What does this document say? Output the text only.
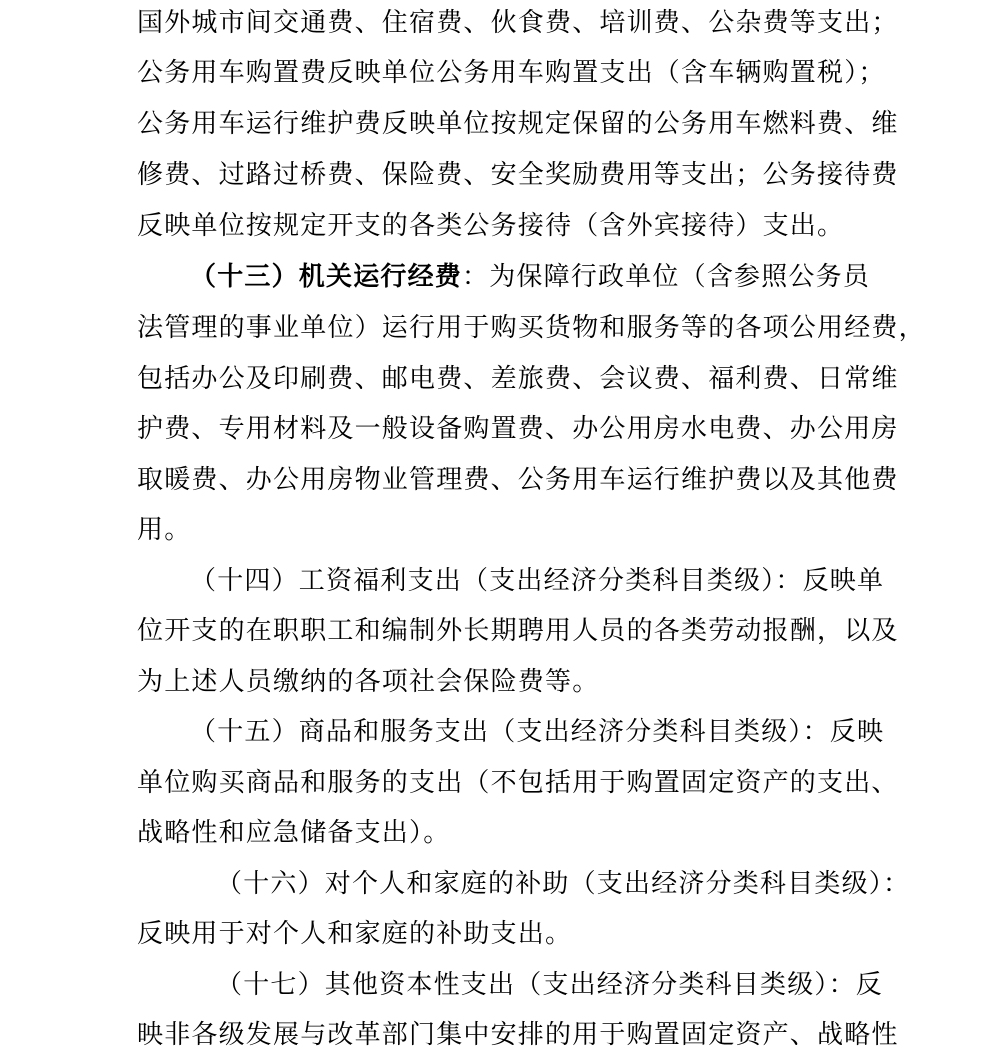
国外城市间交通费、住宿费、伙食费、培训费、公杂费等支出；
公务用车购置费反映单位公务用车购置支出（含车辆购置税）；
公务用车运行维护费反映单位按规定保留的公务用车燃料费、维
修费、过路过桥费、保险费、安全奖励费用等支出；公务接待费
反映单位按规定开支的各类公务接待（含外宾接待）支出。
（十三）机关运行经费：为保障行政单位（含参照公务员
法管理的事业单位）运行用于购买货物和服务等的各项公用经费，
包括办公及印刷费、邮电费、差旅费、会议费、福利费、日常维
护费、专用材料及一般设备购置费、办公用房水电费、办公用房
取暖费、办公用房物业管理费、公务用车运行维护费以及其他费
用。
（十四）工资福利支出（支出经济分类科目类级）：反映单
位开支的在职职工和编制外长期聘用人员的各类劳动报酬，以及
为上述人员缴纳的各项社会保险费等。
（十五）商品和服务支出（支出经济分类科目类级）：反映
单位购买商品和服务的支出（不包括用于购置固定资产的支出、
战略性和应急储备支出）。
（十六）对个人和家庭的补助（支出经济分类科目类级）：
反映用于对个人和家庭的补助支出。
（十七）其他资本性支出（支出经济分类科目类级）：反
映非各级发展与改革部门集中安排的用于购置固定资产、战略性
